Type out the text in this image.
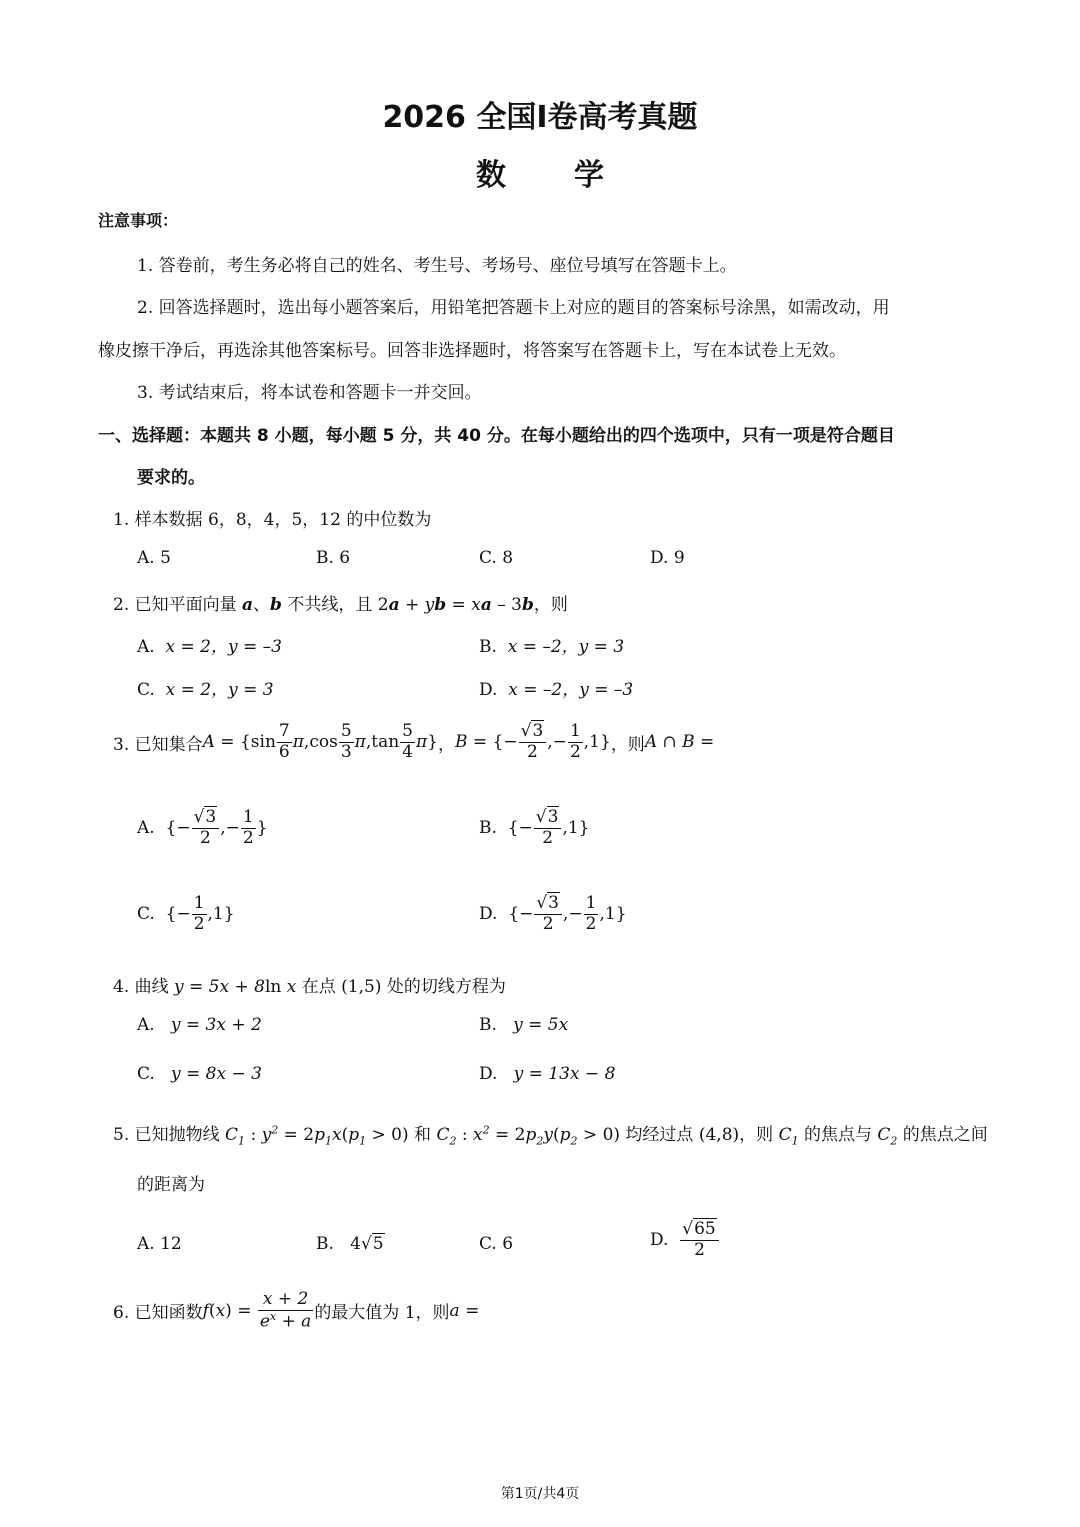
2026 全国Ⅰ卷高考真题
数 学
注意事项：
1. 答卷前，考生务必将自己的姓名、考生号、考场号、座位号填写在答题卡上。
2. 回答选择题时，选出每小题答案后，用铅笔把答题卡上对应的题目的答案标号涂黑，如需改动，用
橡皮擦干净后，再选涂其他答案标号。回答非选择题时，将答案写在答题卡上，写在本试卷上无效。
3. 考试结束后，将本试卷和答题卡一并交回。
一、选择题：本题共 8 小题，每小题 5 分，共 40 分。在每小题给出的四个选项中，只有一项是符合题目
要求的。
1. 样本数据 6，8，4，5，12 的中位数为
A. 5	B. 6	C. 8	D. 9
2. 已知平面向量 a、b 不共线，且 2a + yb = xa – 3b，则
A. x = 2，y = –3	B. x = –2，y = 3
C. x = 2，y = 3	D. x = –2，y = –3
3. 已知集合 $A = \{\sin \frac{7}{6}$ π $,\cos \frac{5}{3}$ π $,\tan \frac{5}{4}$ π } ， B = {− $\frac{√3}{2}$ ,− $\frac{1}{2} ,1$} ，则 A ∩ B =
A.
{− $\frac{√3}{2}$ ,− $\frac{1}{2}$ }	B.
{− $\frac{√3}{2} ,1$}
C.
{− $\frac{1}{2} ,1$}	D.
{− $\frac{√3}{2}$ ,− $\frac{1}{2} ,1$}
4. 曲线 y = 5x + 8ln x 在点 (1,5) 处的切线方程为
A. y = 3x + 2	B. y = 5x
C. y = 8x − 3	D. y = 13x − 8
5. 已知抛物线 $C_1$ : $y^2 = 2p_1x(p_1 > 0)$ 和 $C_2$ : $x^2 = 2p_2y(p_2 > 0)$ 均经过点 (4,8)，则 $C_1$ 的焦点与 $C_2$ 的焦点之间
的距离为
A. 12	B. 4√5	C. 6	D.
$\frac{√65}{2}$
6. 已知函数 f ( x ) =
$\frac{x + 2}{e^x + a}$ 的最大值为 1，则 a =
第1页/共4页
